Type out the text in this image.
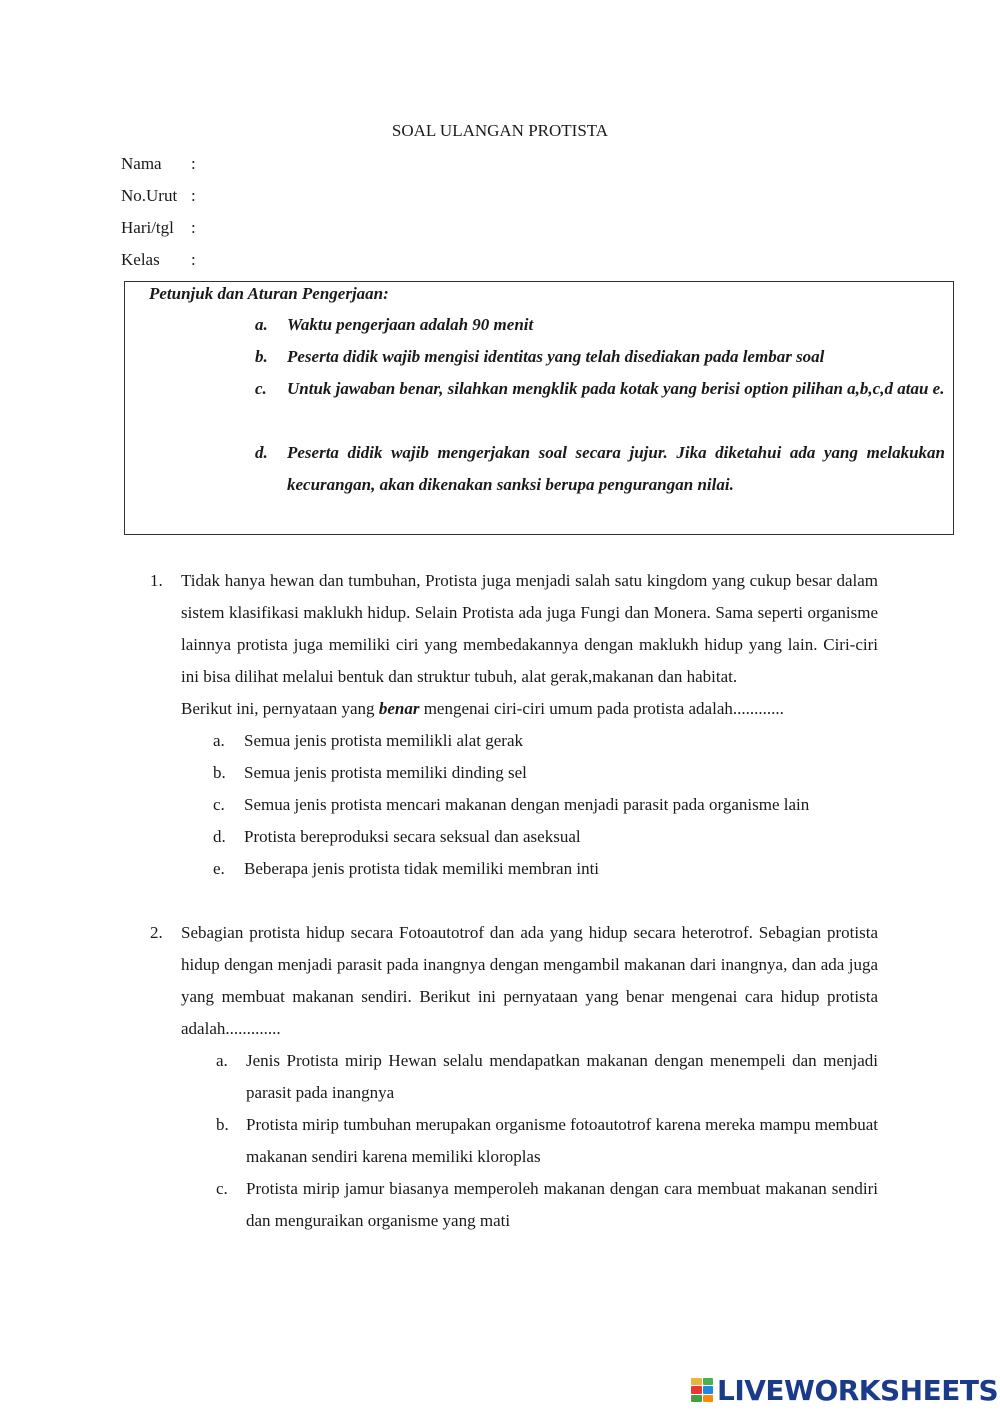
SOAL ULANGAN PROTISTA
Nama :
No.Urut :
Hari/tgl :
Kelas :
Petunjuk dan Aturan Pengerjaan:
a. Waktu pengerjaan adalah 90 menit
b. Peserta didik wajib mengisi identitas yang telah disediakan pada lembar soal
c. Untuk jawaban benar, silahkan mengklik pada kotak yang berisi option pilihan a,b,c,d atau e.
d. Peserta didik wajib mengerjakan soal secara jujur. Jika diketahui ada yang melakukan kecurangan, akan dikenakan sanksi berupa pengurangan nilai.
1. Tidak hanya hewan dan tumbuhan, Protista juga menjadi salah satu kingdom yang cukup besar dalam sistem klasifikasi maklukh hidup. Selain Protista ada juga Fungi dan Monera. Sama seperti organisme lainnya protista juga memiliki ciri yang membedakannya dengan maklukh hidup yang lain. Ciri-ciri ini bisa dilihat melalui bentuk dan struktur tubuh, alat gerak,makanan dan habitat.
Berikut ini, pernyataan yang benar mengenai ciri-ciri umum pada protista adalah............
a. Semua jenis protista memilikli alat gerak
b. Semua jenis protista memiliki dinding sel
c. Semua jenis protista mencari makanan dengan menjadi parasit pada organisme lain
d. Protista bereproduksi secara seksual dan aseksual
e. Beberapa jenis protista tidak memiliki membran inti
2. Sebagian protista hidup secara Fotoautotrof dan ada yang hidup secara heterotrof. Sebagian protista hidup dengan menjadi parasit pada inangnya dengan mengambil makanan dari inangnya, dan ada juga yang membuat makanan sendiri. Berikut ini pernyataan yang benar mengenai cara hidup protista adalah.............
a. Jenis Protista mirip Hewan selalu mendapatkan makanan dengan menempeli dan menjadi parasit pada inangnya
b. Protista mirip tumbuhan merupakan organisme fotoautotrof karena mereka mampu membuat makanan sendiri karena memiliki kloroplas
c. Protista mirip jamur biasanya memperoleh makanan dengan cara membuat makanan sendiri dan menguraikan organisme yang mati
LIVEWORKSHEETS
